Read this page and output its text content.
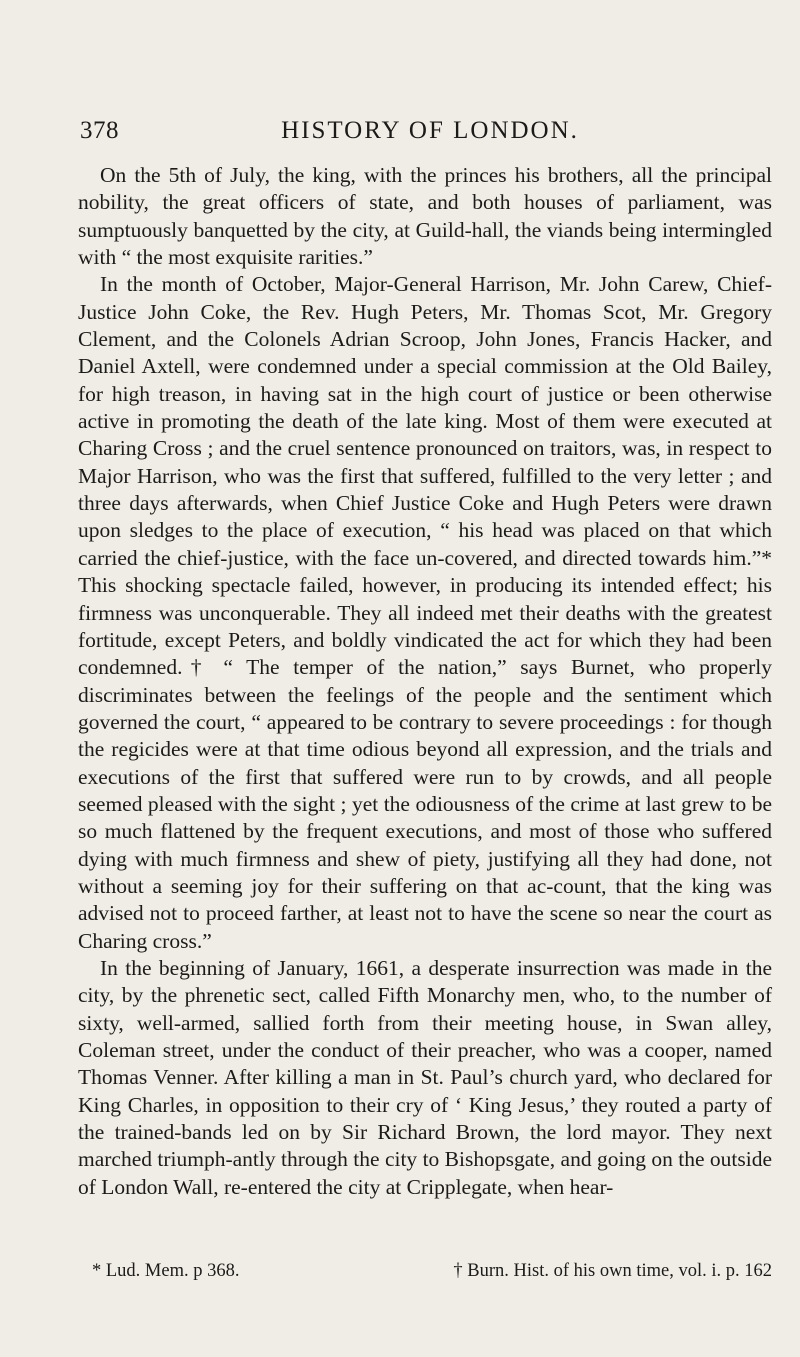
378	HISTORY OF LONDON.

On the 5th of July, the king, with the princes his brothers, all the principal nobility, the great officers of state, and both houses of parliament, was sumptuously banquetted by the city, at Guild-hall, the viands being intermingled with “ the most exquisite rarities.”

In the month of October, Major-General Harrison, Mr. John Carew, Chief-Justice John Coke, the Rev. Hugh Peters, Mr. Thomas Scot, Mr. Gregory Clement, and the Colonels Adrian Scroop, John Jones, Francis Hacker, and Daniel Axtell, were condemned under a special commission at the Old Bailey, for high treason, in having sat in the high court of justice or been otherwise active in promoting the death of the late king. Most of them were executed at Charing Cross ; and the cruel sentence pronounced on traitors, was, in respect to Major Harrison, who was the first that suffered, fulfilled to the very letter ; and three days afterwards, when Chief Justice Coke and Hugh Peters were drawn upon sledges to the place of execution, “ his head was placed on that which carried the chief-justice, with the face un-covered, and directed towards him.”* This shocking spectacle failed, however, in producing its intended effect; his firmness was unconquerable. They all indeed met their deaths with the greatest fortitude, except Peters, and boldly vindicated the act for which they had been condemned.† “ The temper of the nation,” says Burnet, who properly discriminates between the feelings of the people and the sentiment which governed the court, “ appeared to be contrary to severe proceedings : for though the regicides were at that time odious beyond all expression, and the trials and executions of the first that suffered were run to by crowds, and all people seemed pleased with the sight ; yet the odiousness of the crime at last grew to be so much flattened by the frequent executions, and most of those who suffered dying with much firmness and shew of piety, justifying all they had done, not without a seeming joy for their suffering on that ac-count, that the king was advised not to proceed farther, at least not to have the scene so near the court as Charing cross.”

In the beginning of January, 1661, a desperate insurrection was made in the city, by the phrenetic sect, called Fifth Monarchy men, who, to the number of sixty, well-armed, sallied forth from their meeting house, in Swan alley, Coleman street, under the conduct of their preacher, who was a cooper, named Thomas Venner. After killing a man in St. Paul’s church yard, who declared for King Charles, in opposition to their cry of ‘ King Jesus,’ they routed a party of the trained-bands led on by Sir Richard Brown, the lord mayor. They next marched triumph-antly through the city to Bishopsgate, and going on the outside of London Wall, re-entered the city at Cripplegate, when hear-

* Lud. Mem. p 368.	† Burn. Hist. of his own time, vol. i. p. 162
